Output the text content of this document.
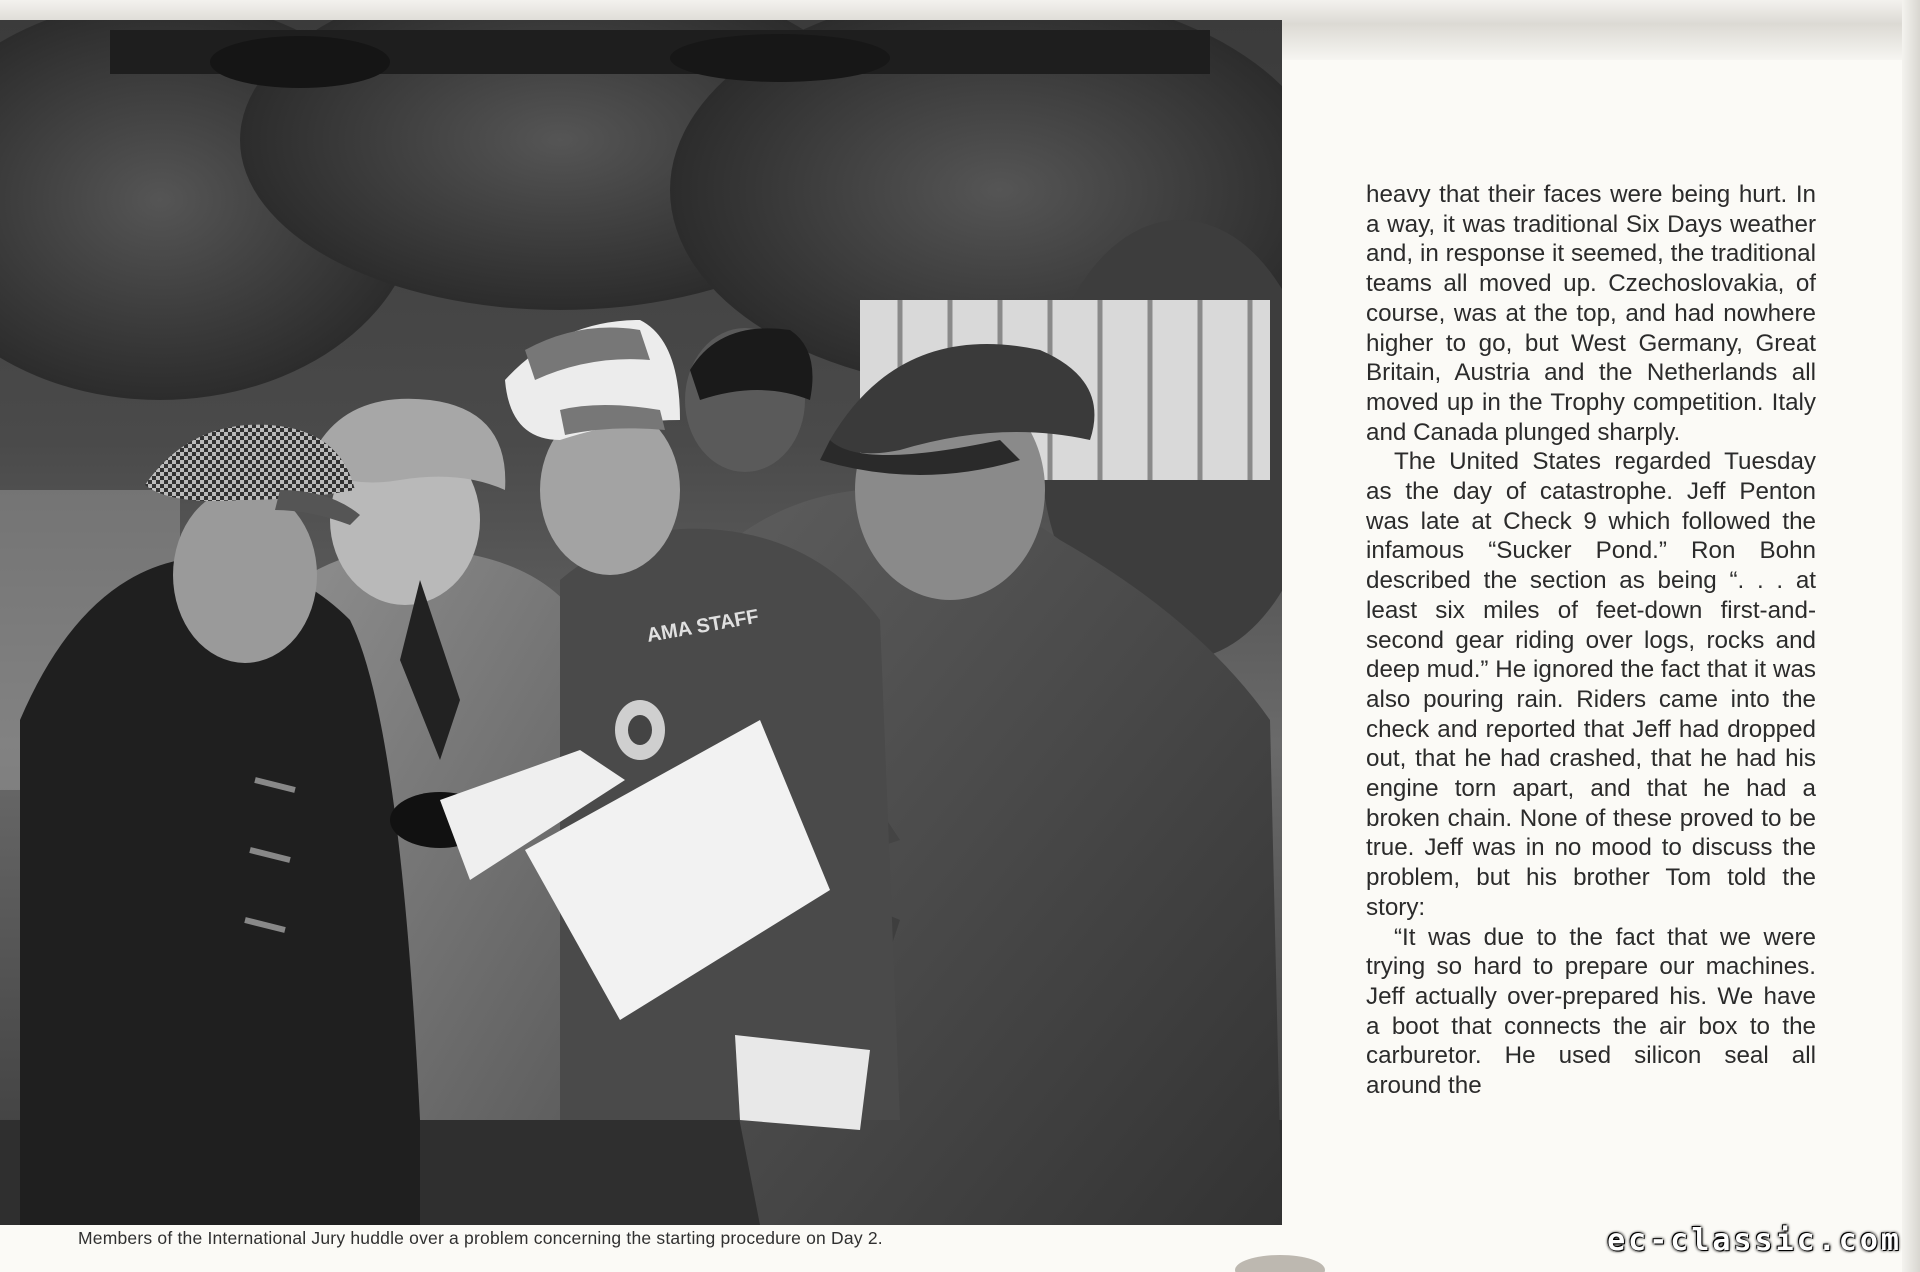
AMA STAFF

heavy that their faces were being hurt. In a way, it was traditional Six Days weather and, in response it seemed, the traditional teams all moved up. Czechoslovakia, of course, was at the top, and had nowhere higher to go, but West Germany, Great Britain, Austria and the Netherlands all moved up in the Trophy competition. Italy and Canada plunged sharply.

The United States regarded Tuesday as the day of catastrophe. Jeff Penton was late at Check 9 which followed the infamous “Sucker Pond.” Ron Bohn described the section as being “. . . at least six miles of feet-down first-and-second gear riding over logs, rocks and deep mud.” He ignored the fact that it was also pouring rain. Riders came into the check and reported that Jeff had dropped out, that he had crashed, that he had his engine torn apart, and that he had a broken chain. None of these proved to be true. Jeff was in no mood to discuss the problem, but his brother Tom told the story:

“It was due to the fact that we were trying so hard to prepare our machines. Jeff actually over-prepared his. We have a boot that connects the air box to the carburetor. He used silicon seal all around the

Members of the International Jury huddle over a problem concerning the starting procedure on Day 2.	ec-classic.com
